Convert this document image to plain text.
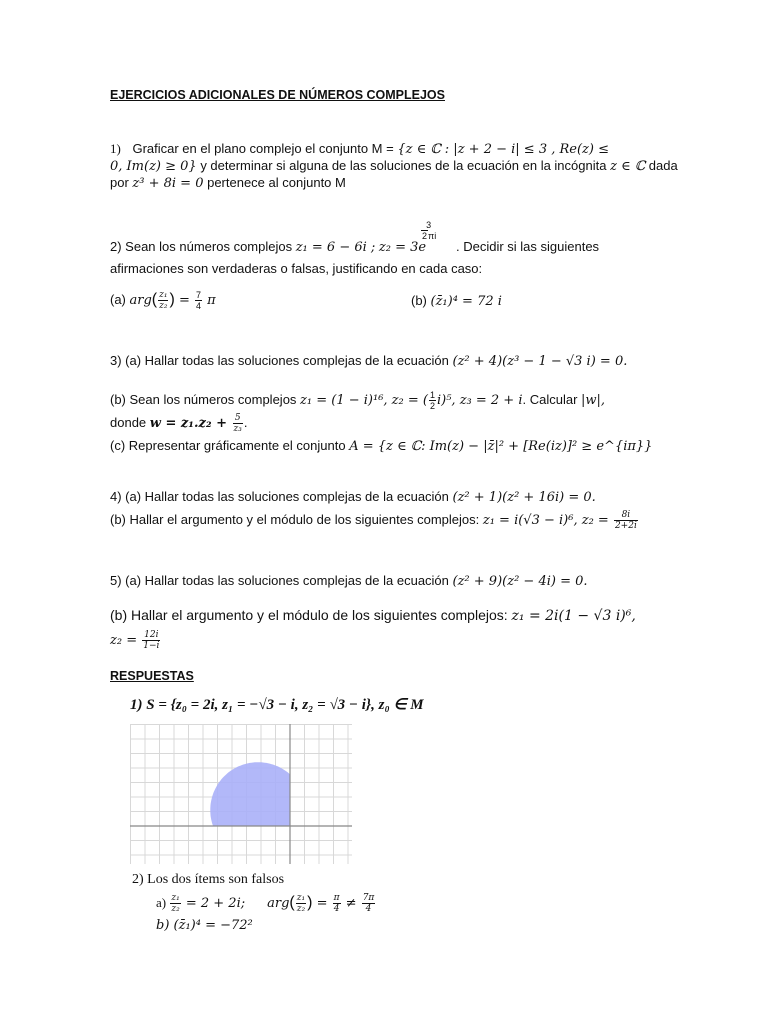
EJERCICIOS ADICIONALES DE NÚMEROS COMPLEJOS
1) Graficar en el plano complejo el conjunto M = {z ∈ ℂ : |z + 2 − i| ≤ 3 , Re(z) ≤
0, Im(z) ≥ 0} y determinar si alguna de las soluciones de la ecuación en la incógnita z ∈ ℂ dada
por z³ + 8i = 0 pertenece al conjunto M
3
2πi
2) Sean los números complejos z₁ = 6 − 6i ; z₂ = 3e . Decidir si las siguientes
afirmaciones son verdaderas o falsas, justificando en cada caso:
(a) $arg( \frac{\text{z₁}}{\text{z₂}}$ ) = $\frac{7}{4}$ π	(b) (z̄₁)⁴ = 72 i
3) (a) Hallar todas las soluciones complejas de la ecuación (z² + 4)(z³ − 1 − √3 i) = 0.
(b) Sean los números complejos z₁ = (1 − i)¹⁶, z₂ = ( $\frac{1}{2} i)^5$, z₃ = 2 + i. Calcular |w|,
donde $w = z_1.z_2 + \frac{5}{\text{z₃}}$ .
(c) Representar gráficamente el conjunto A = {z ∈ ℂ: Im(z) − |z̄|² + [Re(iz)]² ≥ e^{iπ}}
4) (a) Hallar todas las soluciones complejas de la ecuación (z² + 1)(z² + 16i) = 0.
(b) Hallar el argumento y el módulo de los siguientes complejos: z₁ = i(√3 − i)⁶, $z_2 = \frac{8i}{2+2i}$
5) (a) Hallar todas las soluciones complejas de la ecuación (z² + 9)(z² − 4i) = 0.
(b) Hallar el argumento y el módulo de los siguientes complejos: z₁ = 2i(1 − √3 i)⁶,
$z_2 = \frac{12i}{1-i}$
RESPUESTAS
1) S = {z₀ = 2i, z₁ = −√3 − i, z₂ = √3 − i}, z₀ ∈ M
2) Los dos ítems son falsos
$a) \frac{\text{z₁}}{\text{z₂}} = 2 + 2i$; $arg( \frac{\text{z₁}}{\text{z₂}}$ ) = $\frac{\pi}{4} \ne \frac{7\pi}{4}$
b) (z̄₁)⁴ = −72²
